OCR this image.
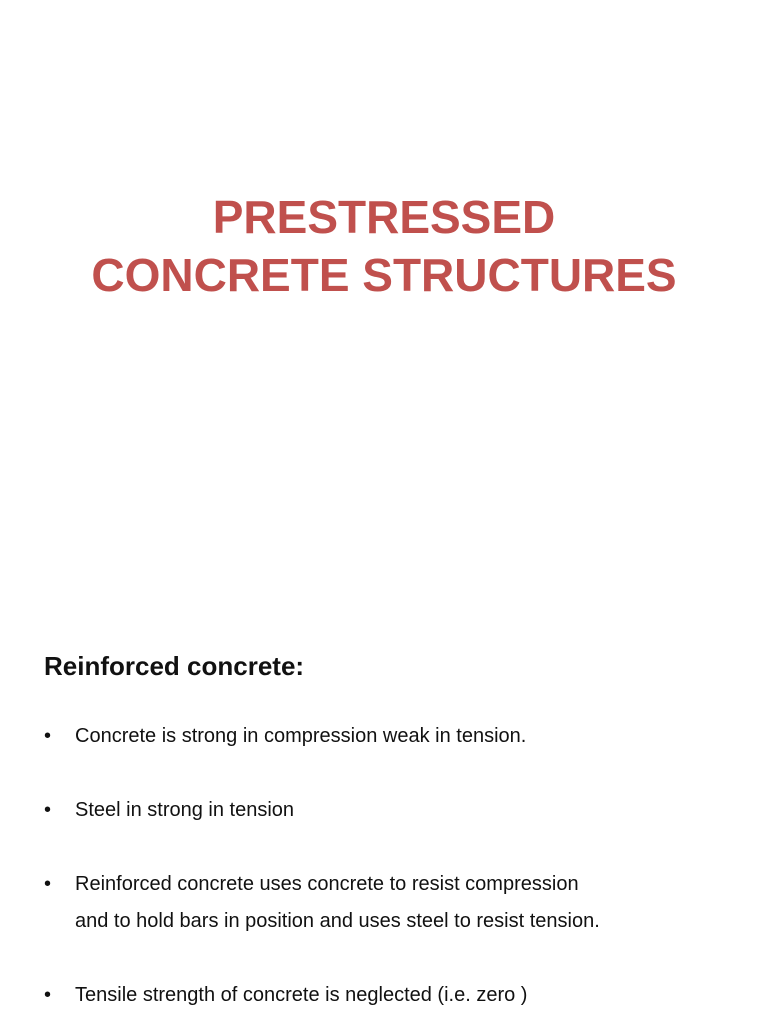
PRESTRESSED
CONCRETE STRUCTURES
Reinforced concrete:
• Concrete is strong in compression weak in tension.
• Steel in strong in tension
• Reinforced concrete uses concrete to resist compression
and to hold bars in position and uses steel to resist tension.
• Tensile strength of concrete is neglected (i.e. zero )
